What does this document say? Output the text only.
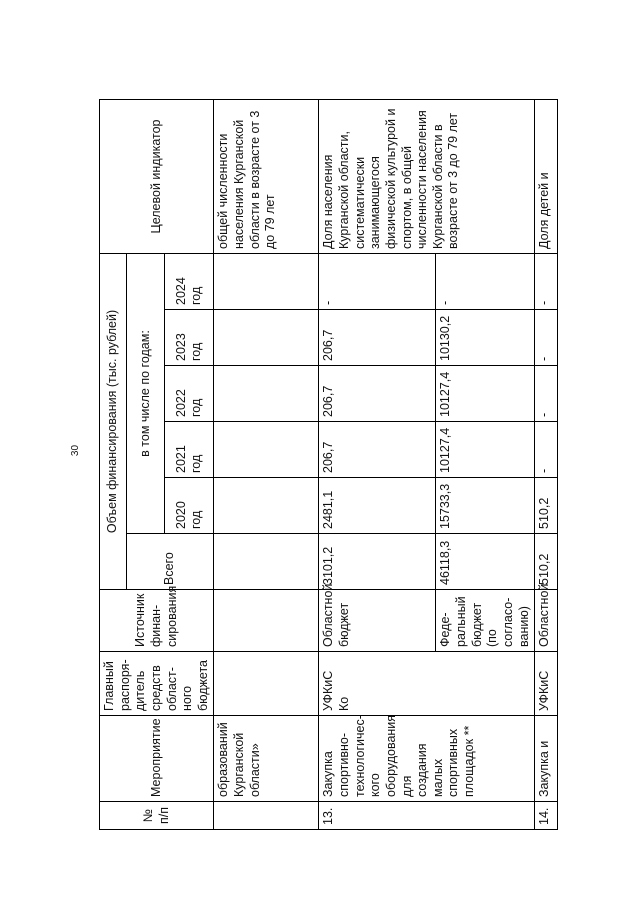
30
№ п/п	Мероприятие	Главный распоря-дитель средств област-ного бюджета	Источник финан-сирования	Объем финансирования (тыс. рублей)						Целевой индикатор
				Всего	в том числе по годам:					
					2020 год	2021 год	2022 год	2023 год	2024 год	
	образований Курганской области»									общей численности населения Курганской области в возрасте от 3 до 79 лет
13.	Закупка спортивно-технологичес-кого оборудования для создания малых спортивных площадок **	УФКиС Ко	Областной бюджет	3101,2	2481,1	206,7	206,7	206,7	-	Доля населения Курганской области, систематически занимающегося физической культурой и спортом, в общей численности населения Курганской области в возрасте от 3 до 79 лет
			Феде-ральный бюджет (по согласо-ванию)	46118,3	15733,3	10127,4	10127,4	10130,2	-	
14.	Закупка и	УФКиС	Областной	510,2	510,2	-	-	-	-	Доля детей и
